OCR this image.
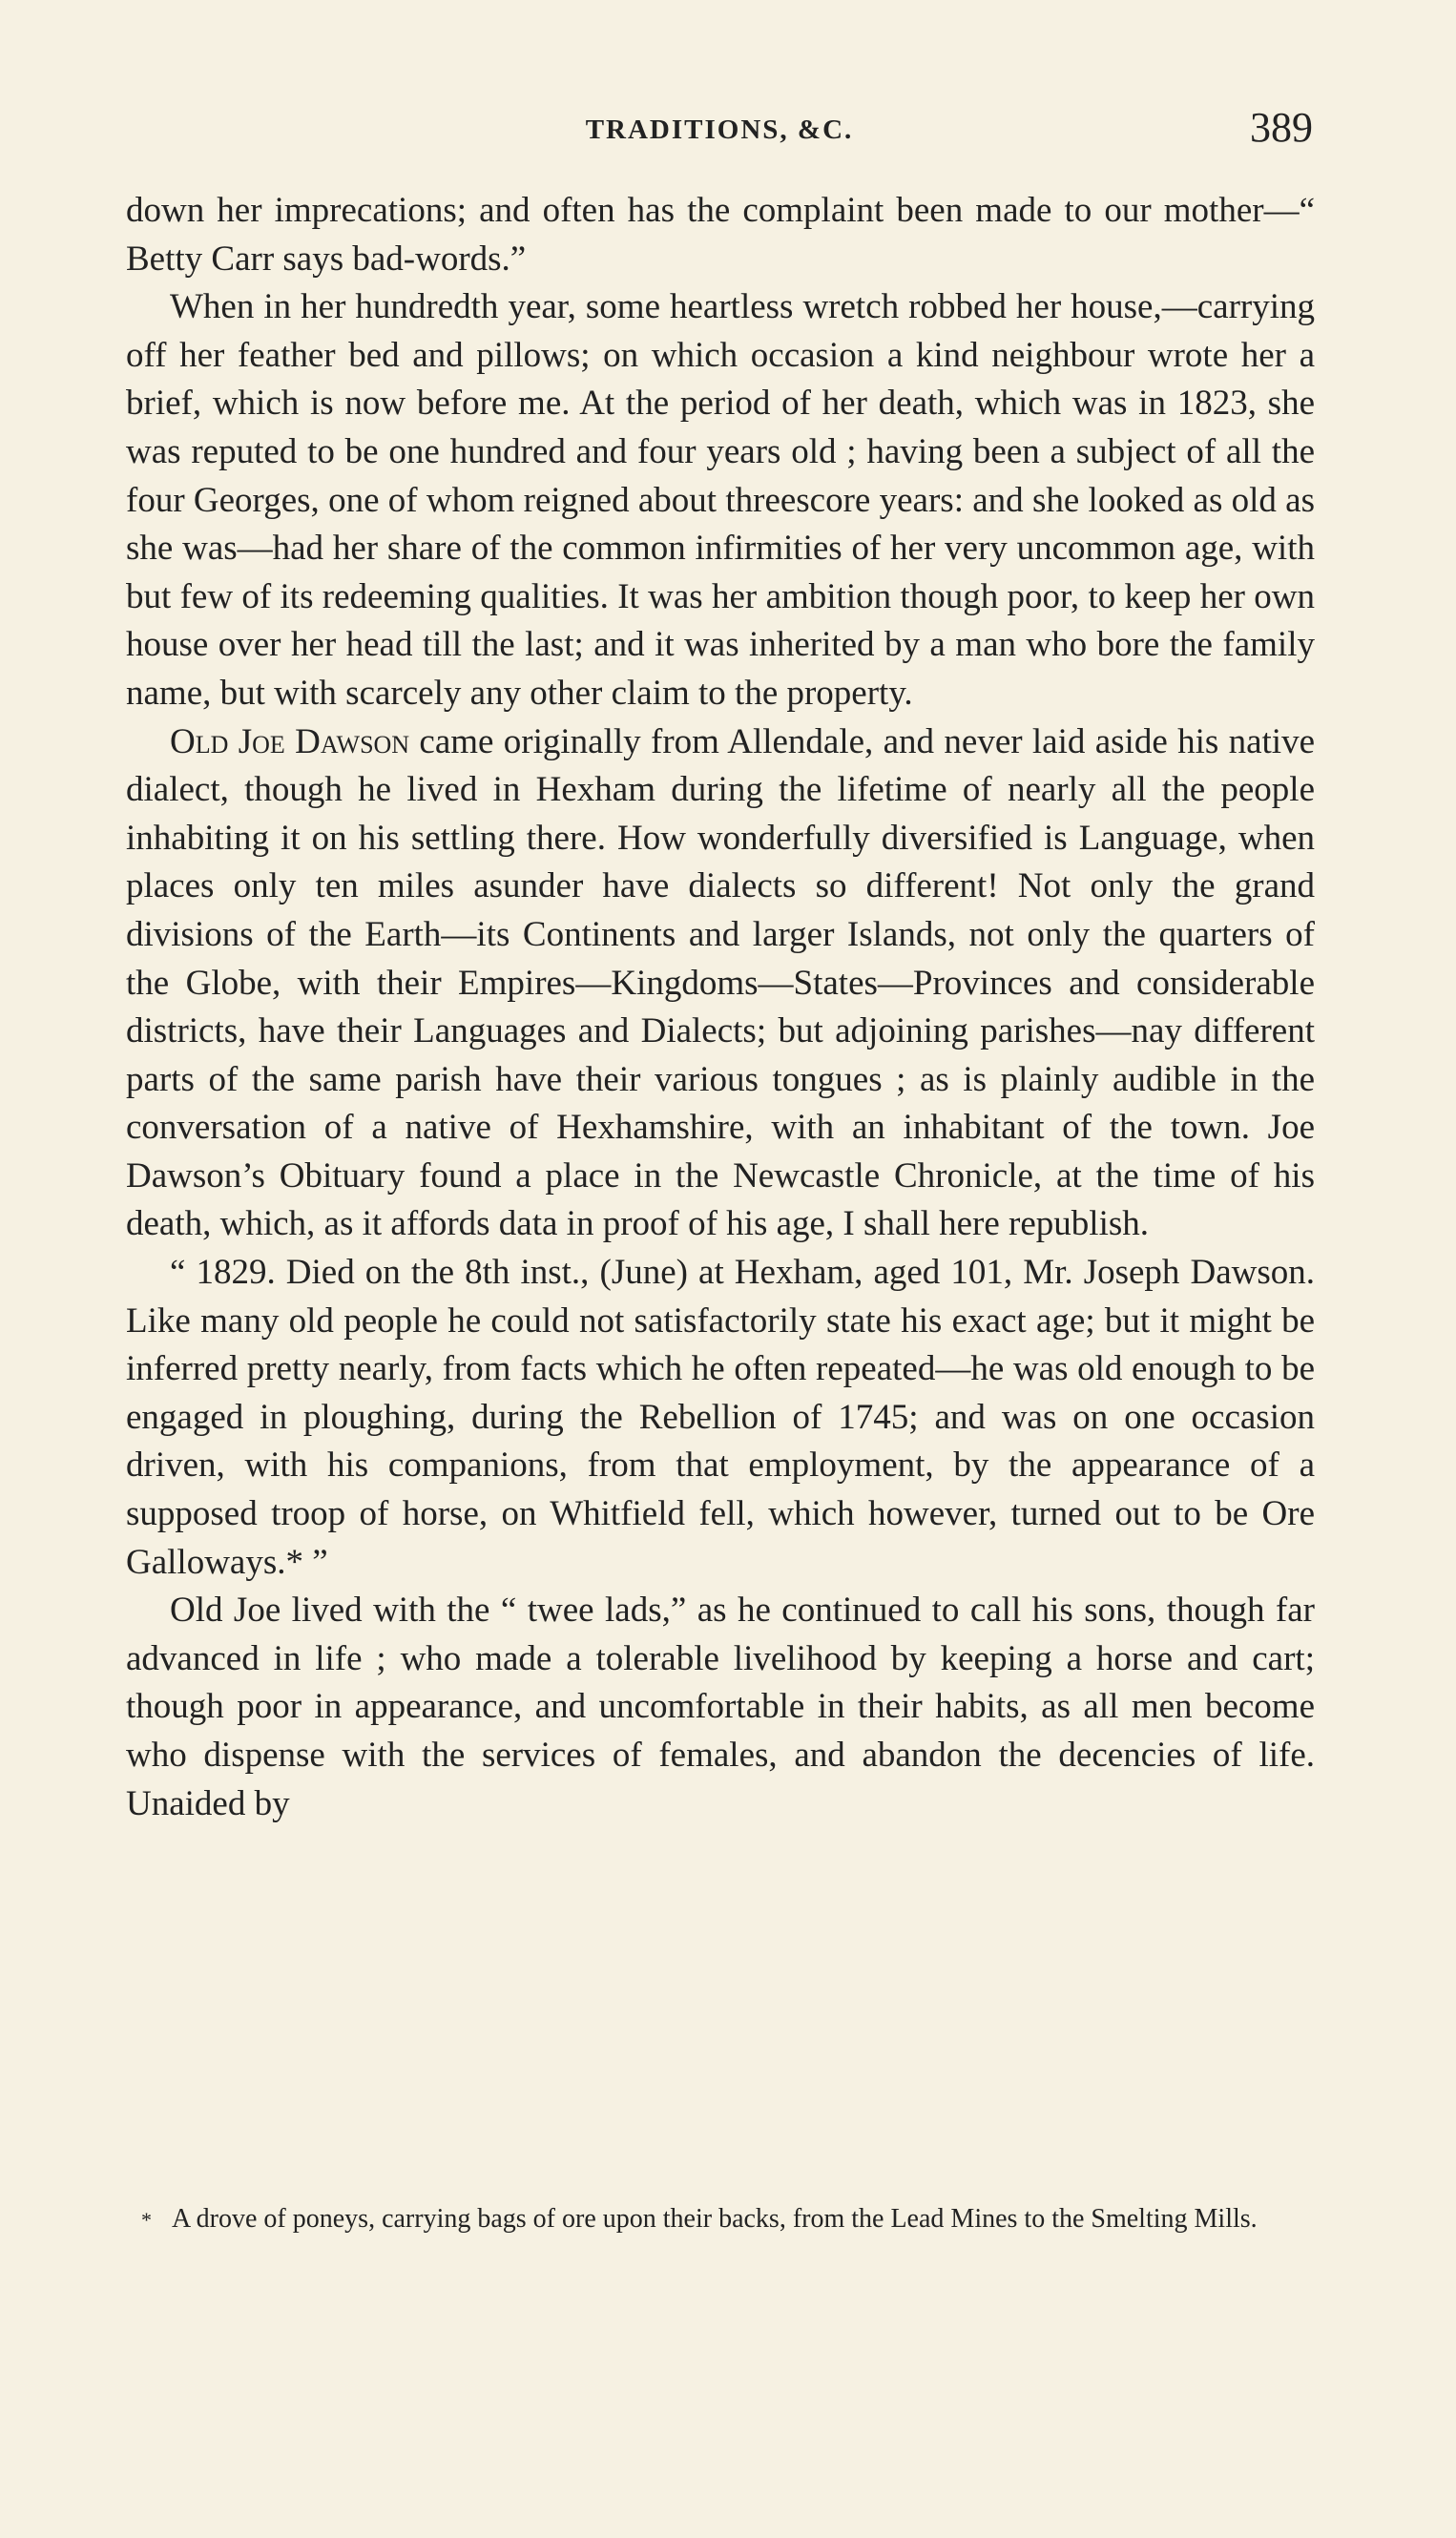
TRADITIONS, &C.	389

down her imprecations; and often has the complaint been made to our mother—“ Betty Carr says bad-words.”

When in her hundredth year, some heartless wretch robbed her house,—carrying off her feather bed and pillows; on which occasion a kind neighbour wrote her a brief, which is now before me. At the period of her death, which was in 1823, she was reputed to be one hundred and four years old ; having been a subject of all the four Georges, one of whom reigned about threescore years: and she looked as old as she was—had her share of the common infirmities of her very uncommon age, with but few of its redeeming qualities. It was her ambition though poor, to keep her own house over her head till the last; and it was inherited by a man who bore the family name, but with scarcely any other claim to the property.

Old Joe Dawson came originally from Allendale, and never laid aside his native dialect, though he lived in Hexham during the lifetime of nearly all the people inhabiting it on his settling there. How wonderfully diversified is Language, when places only ten miles asunder have dialects so different! Not only the grand divisions of the Earth—its Continents and larger Islands, not only the quarters of the Globe, with their Empires—Kingdoms—States—Provinces and considerable districts, have their Languages and Dialects; but adjoining parishes—nay different parts of the same parish have their various tongues ; as is plainly audible in the conversation of a native of Hexhamshire, with an inhabitant of the town. Joe Dawson’s Obituary found a place in the Newcastle Chronicle, at the time of his death, which, as it affords data in proof of his age, I shall here republish.

“ 1829. Died on the 8th inst., (June) at Hexham, aged 101, Mr. Joseph Dawson. Like many old people he could not satisfactorily state his exact age; but it might be inferred pretty nearly, from facts which he often repeated—he was old enough to be engaged in ploughing, during the Rebellion of 1745; and was on one occasion driven, with his companions, from that employment, by the appearance of a supposed troop of horse, on Whitfield fell, which however, turned out to be Ore Galloways.* ”

Old Joe lived with the “ twee lads,” as he continued to call his sons, though far advanced in life ; who made a tolerable livelihood by keeping a horse and cart; though poor in appearance, and uncomfortable in their habits, as all men become who dispense with the services of females, and abandon the decencies of life. Unaided by

* A drove of poneys, carrying bags of ore upon their backs, from the Lead Mines to the Smelting Mills.
